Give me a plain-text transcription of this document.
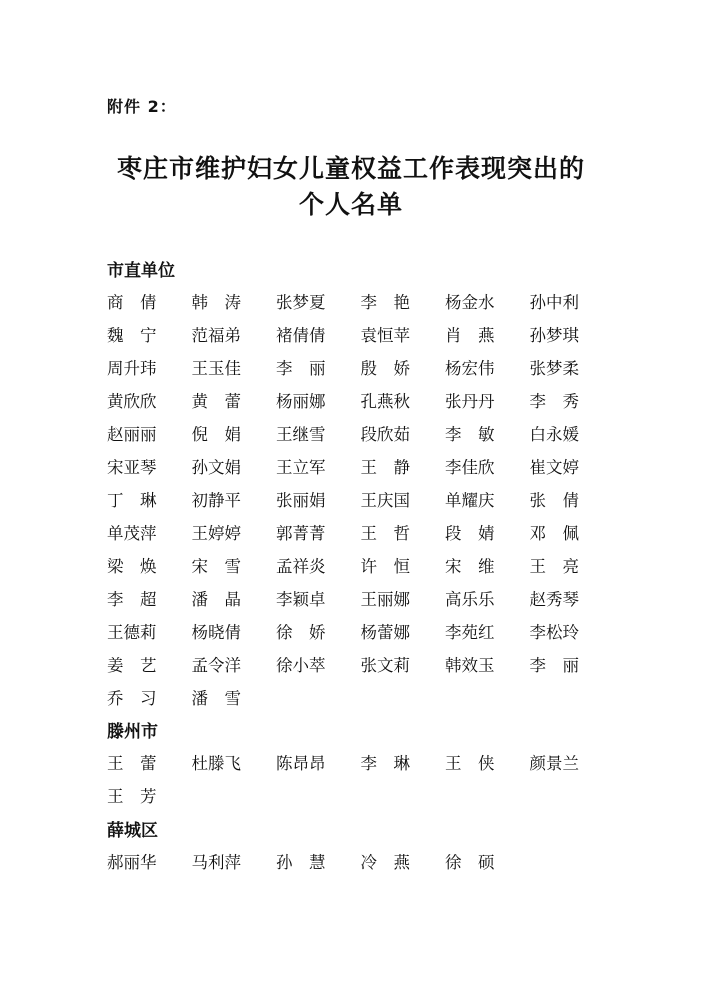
附件 2：
枣庄市维护妇女儿童权益工作表现突出的
个人名单
市直单位
商　倩	韩　涛	张梦夏	李　艳	杨金水	孙中利
魏　宁	范福弟	褚倩倩	袁恒苹	肖　燕	孙梦琪
周升玮	王玉佳	李　丽	殷　娇	杨宏伟	张梦柔
黄欣欣	黄　蕾	杨丽娜	孔燕秋	张丹丹	李　秀
赵丽丽	倪　娟	王继雪	段欣茹	李　敏	白永媛
宋亚琴	孙文娟	王立军	王　静	李佳欣	崔文婷
丁　琳	初静平	张丽娟	王庆国	单耀庆	张　倩
单茂萍	王婷婷	郭菁菁	王　哲	段　婧	邓　佩
梁　焕	宋　雪	孟祥炎	许　恒	宋　维	王　亮
李　超	潘　晶	李颖卓	王丽娜	高乐乐	赵秀琴
王德莉	杨晓倩	徐　娇	杨蕾娜	李苑红	李松玲
姜　艺	孟令洋	徐小萃	张文莉	韩效玉	李　丽
乔　习	潘　雪
滕州市
王　蕾	杜滕飞	陈昂昂	李　琳	王　侠	颜景兰
王　芳
薛城区
郝丽华	马利萍	孙　慧	冷　燕	徐　硕
